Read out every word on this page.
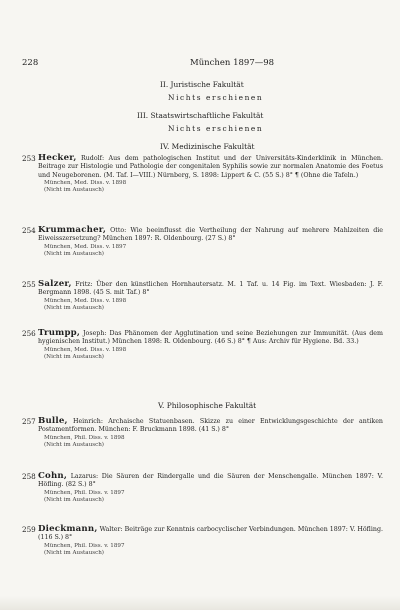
228	München 1897—98
II. Juristische Fakultät
Nichts erschienen
III. Staatswirtschaftliche Fakultät
Nichts erschienen
IV. Medizinische Fakultät
253 Hecker, Rudolf: Aus dem pathologischen Institut und der Universitäts-Kinderklinik in München. Beitrage zur Histologie und Pathologie der congenitalen Syphilis sowie zur normalen Anatomie des Foetus und Neugeborenen. (M. Taf. I—VIII.) Nürnberg, S. 1898: Lippert & C. (55 S.) 8° ¶ (Ohne die Tafeln.)
München, Med. Diss. v. 1898
(Nicht im Austausch)
254 Krummacher, Otto: Wie beeinflusst die Vertheilung der Nahrung auf mehrere Mahlzeiten die Eiweisszersetzung? München 1897: R. Oldenbourg. (27 S.) 8°
München, Med. Diss. v. 1897
(Nicht im Austausch)
255 Salzer, Fritz: Über den künstlichen Hornhautersatz. M. 1 Taf. u. 14 Fig. im Text. Wiesbaden: J. F. Bergmann 1898. (45 S. mit Taf.) 8°
München, Med. Diss. v. 1898
(Nicht im Austausch)
256 Trumpp, Joseph: Das Phänomen der Agglutination und seine Beziehungen zur Immunität. (Aus dem hygienischen Institut.) München 1898: R. Oldenbourg. (46 S.) 8° ¶ Aus: Archiv für Hygiene. Bd. 33.)
München, Med. Diss. v. 1898
(Nicht im Austausch)
V. Philosophische Fakultät
257 Bulle, Heinrich: Archaische Statuenbasen. Skizze zu einer Entwicklungsgeschichte der antiken Postamentformen. München: F. Bruckmann 1898. (41 S.) 8°
München, Phil. Diss. v. 1898
(Nicht im Austausch)
258 Cohn, Lazarus: Die Säuren der Rindergalle und die Säuren der Menschengalle. München 1897: V. Höfling. (82 S.) 8°
München, Phil. Diss. v. 1897
(Nicht im Austausch)
259 Dieckmann, Walter: Beiträge zur Kenntnis carbocyclischer Verbindungen. München 1897: V. Höfling. (116 S.) 8°
München, Phil. Diss. v. 1897
(Nicht im Austausch)
